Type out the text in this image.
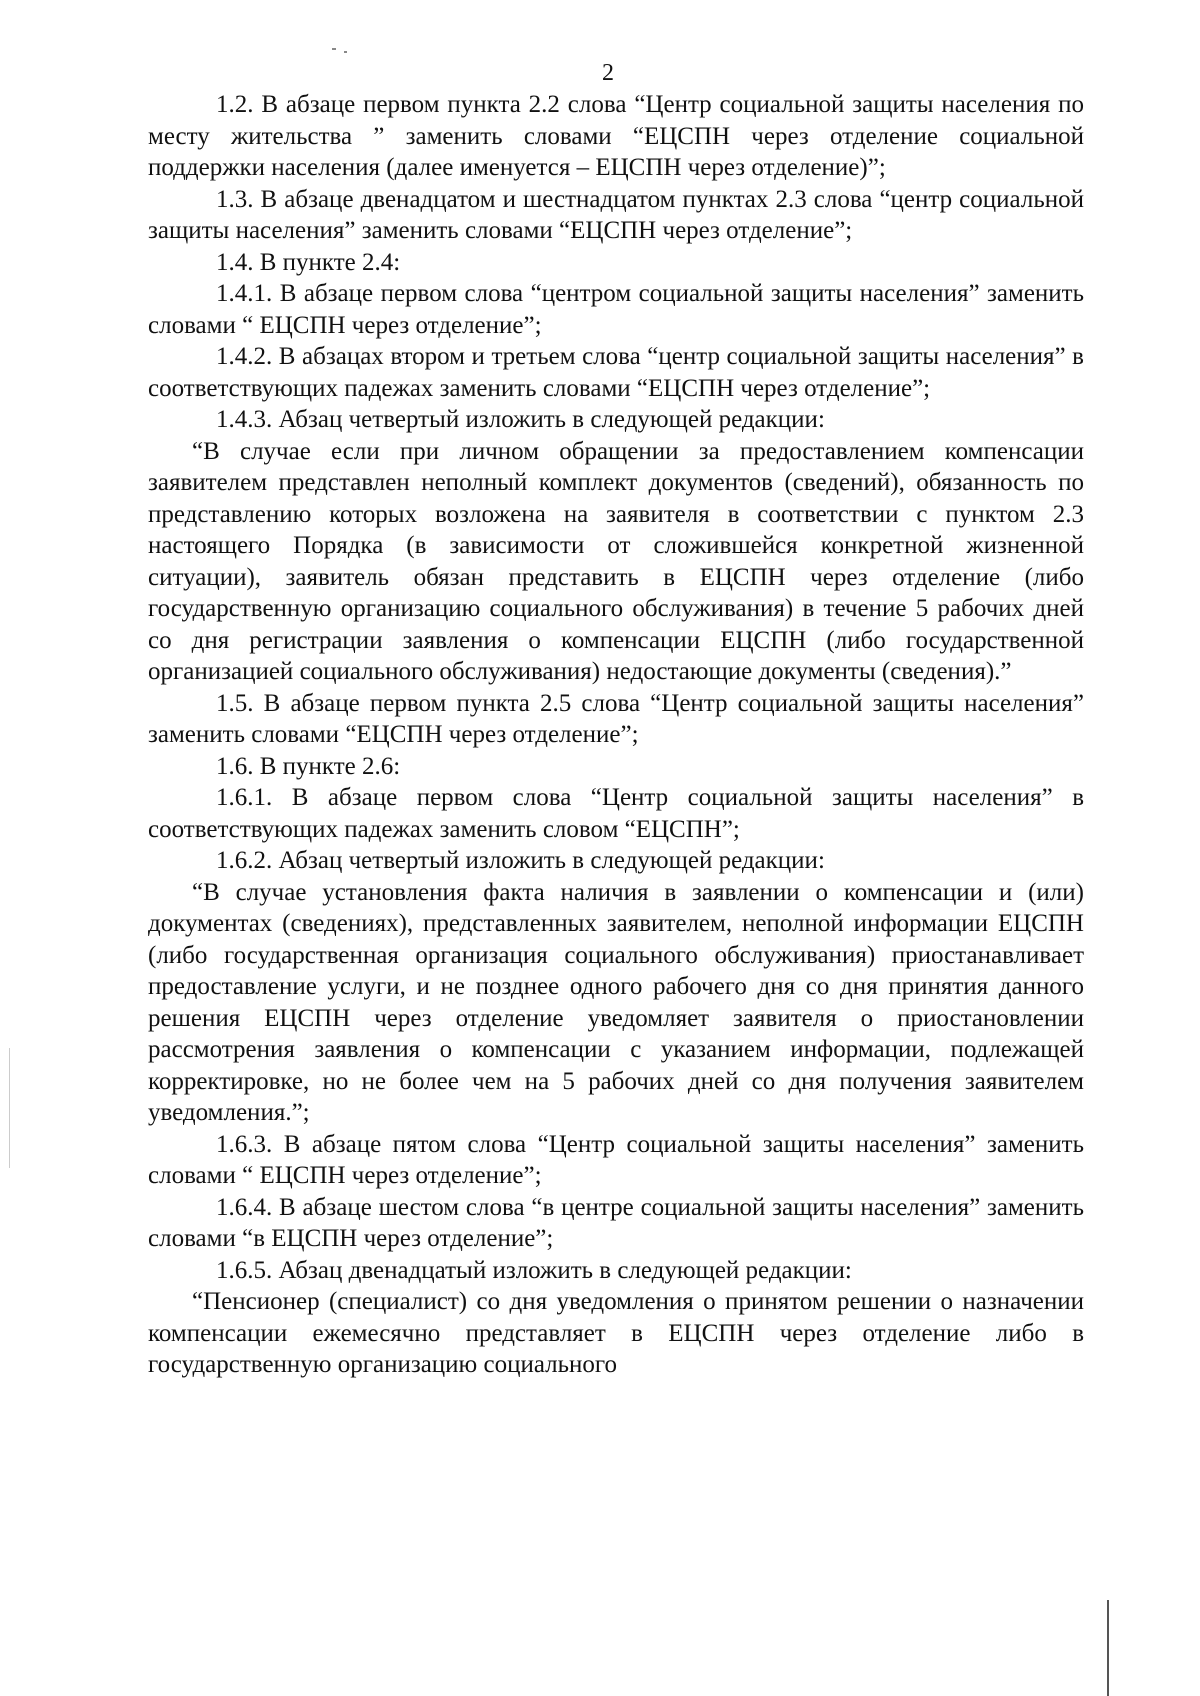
2

1.2. В абзаце первом пункта 2.2 слова “Центр социальной защиты населения по месту жительства ” заменить словами “ЕЦСПН через отделение социальной поддержки населения (далее именуется – ЕЦСПН через отделение)”;

1.3. В абзаце двенадцатом и шестнадцатом пунктах 2.3 слова “центр социальной защиты населения” заменить словами “ЕЦСПН через отделение”;

1.4. В пункте 2.4:

1.4.1. В абзаце первом слова “центром социальной защиты населения” заменить словами “ ЕЦСПН через отделение”;

1.4.2. В абзацах втором и третьем слова “центр социальной защиты населения” в соответствующих падежах заменить словами “ЕЦСПН через отделение”;

1.4.3. Абзац четвертый изложить в следующей редакции:

“В случае если при личном обращении за предоставлением компенсации заявителем представлен неполный комплект документов (сведений), обязанность по представлению которых возложена на заявителя в соответствии с пунктом 2.3 настоящего Порядка (в зависимости от сложившейся конкретной жизненной ситуации), заявитель обязан представить в ЕЦСПН через отделение (либо государственную организацию социального обслуживания) в течение 5 рабочих дней со дня регистрации заявления о компенсации ЕЦСПН (либо государственной организацией социального обслуживания) недостающие документы (сведения).”

1.5. В абзаце первом пункта 2.5 слова “Центр социальной защиты населения” заменить словами “ЕЦСПН через отделение”;

1.6. В пункте 2.6:

1.6.1. В абзаце первом слова “Центр социальной защиты населения” в соответствующих падежах заменить словом “ЕЦСПН”;

1.6.2. Абзац четвертый изложить в следующей редакции:

“В случае установления факта наличия в заявлении о компенсации и (или) документах (сведениях), представленных заявителем, неполной информации ЕЦСПН (либо государственная организация социального обслуживания) приостанавливает предоставление услуги, и не позднее одного рабочего дня со дня принятия данного решения ЕЦСПН через отделение уведомляет заявителя о приостановлении рассмотрения заявления о компенсации с указанием информации, подлежащей корректировке, но не более чем на 5 рабочих дней со дня получения заявителем уведомления.”;

1.6.3. В абзаце пятом слова “Центр социальной защиты населения” заменить словами “ ЕЦСПН через отделение”;

1.6.4. В абзаце шестом слова “в центре социальной защиты населения” заменить словами “в ЕЦСПН через отделение”;

1.6.5. Абзац двенадцатый изложить в следующей редакции:

“Пенсионер (специалист) со дня уведомления о принятом решении о назначении компенсации ежемесячно представляет в ЕЦСПН через отделение либо в государственную организацию социального
